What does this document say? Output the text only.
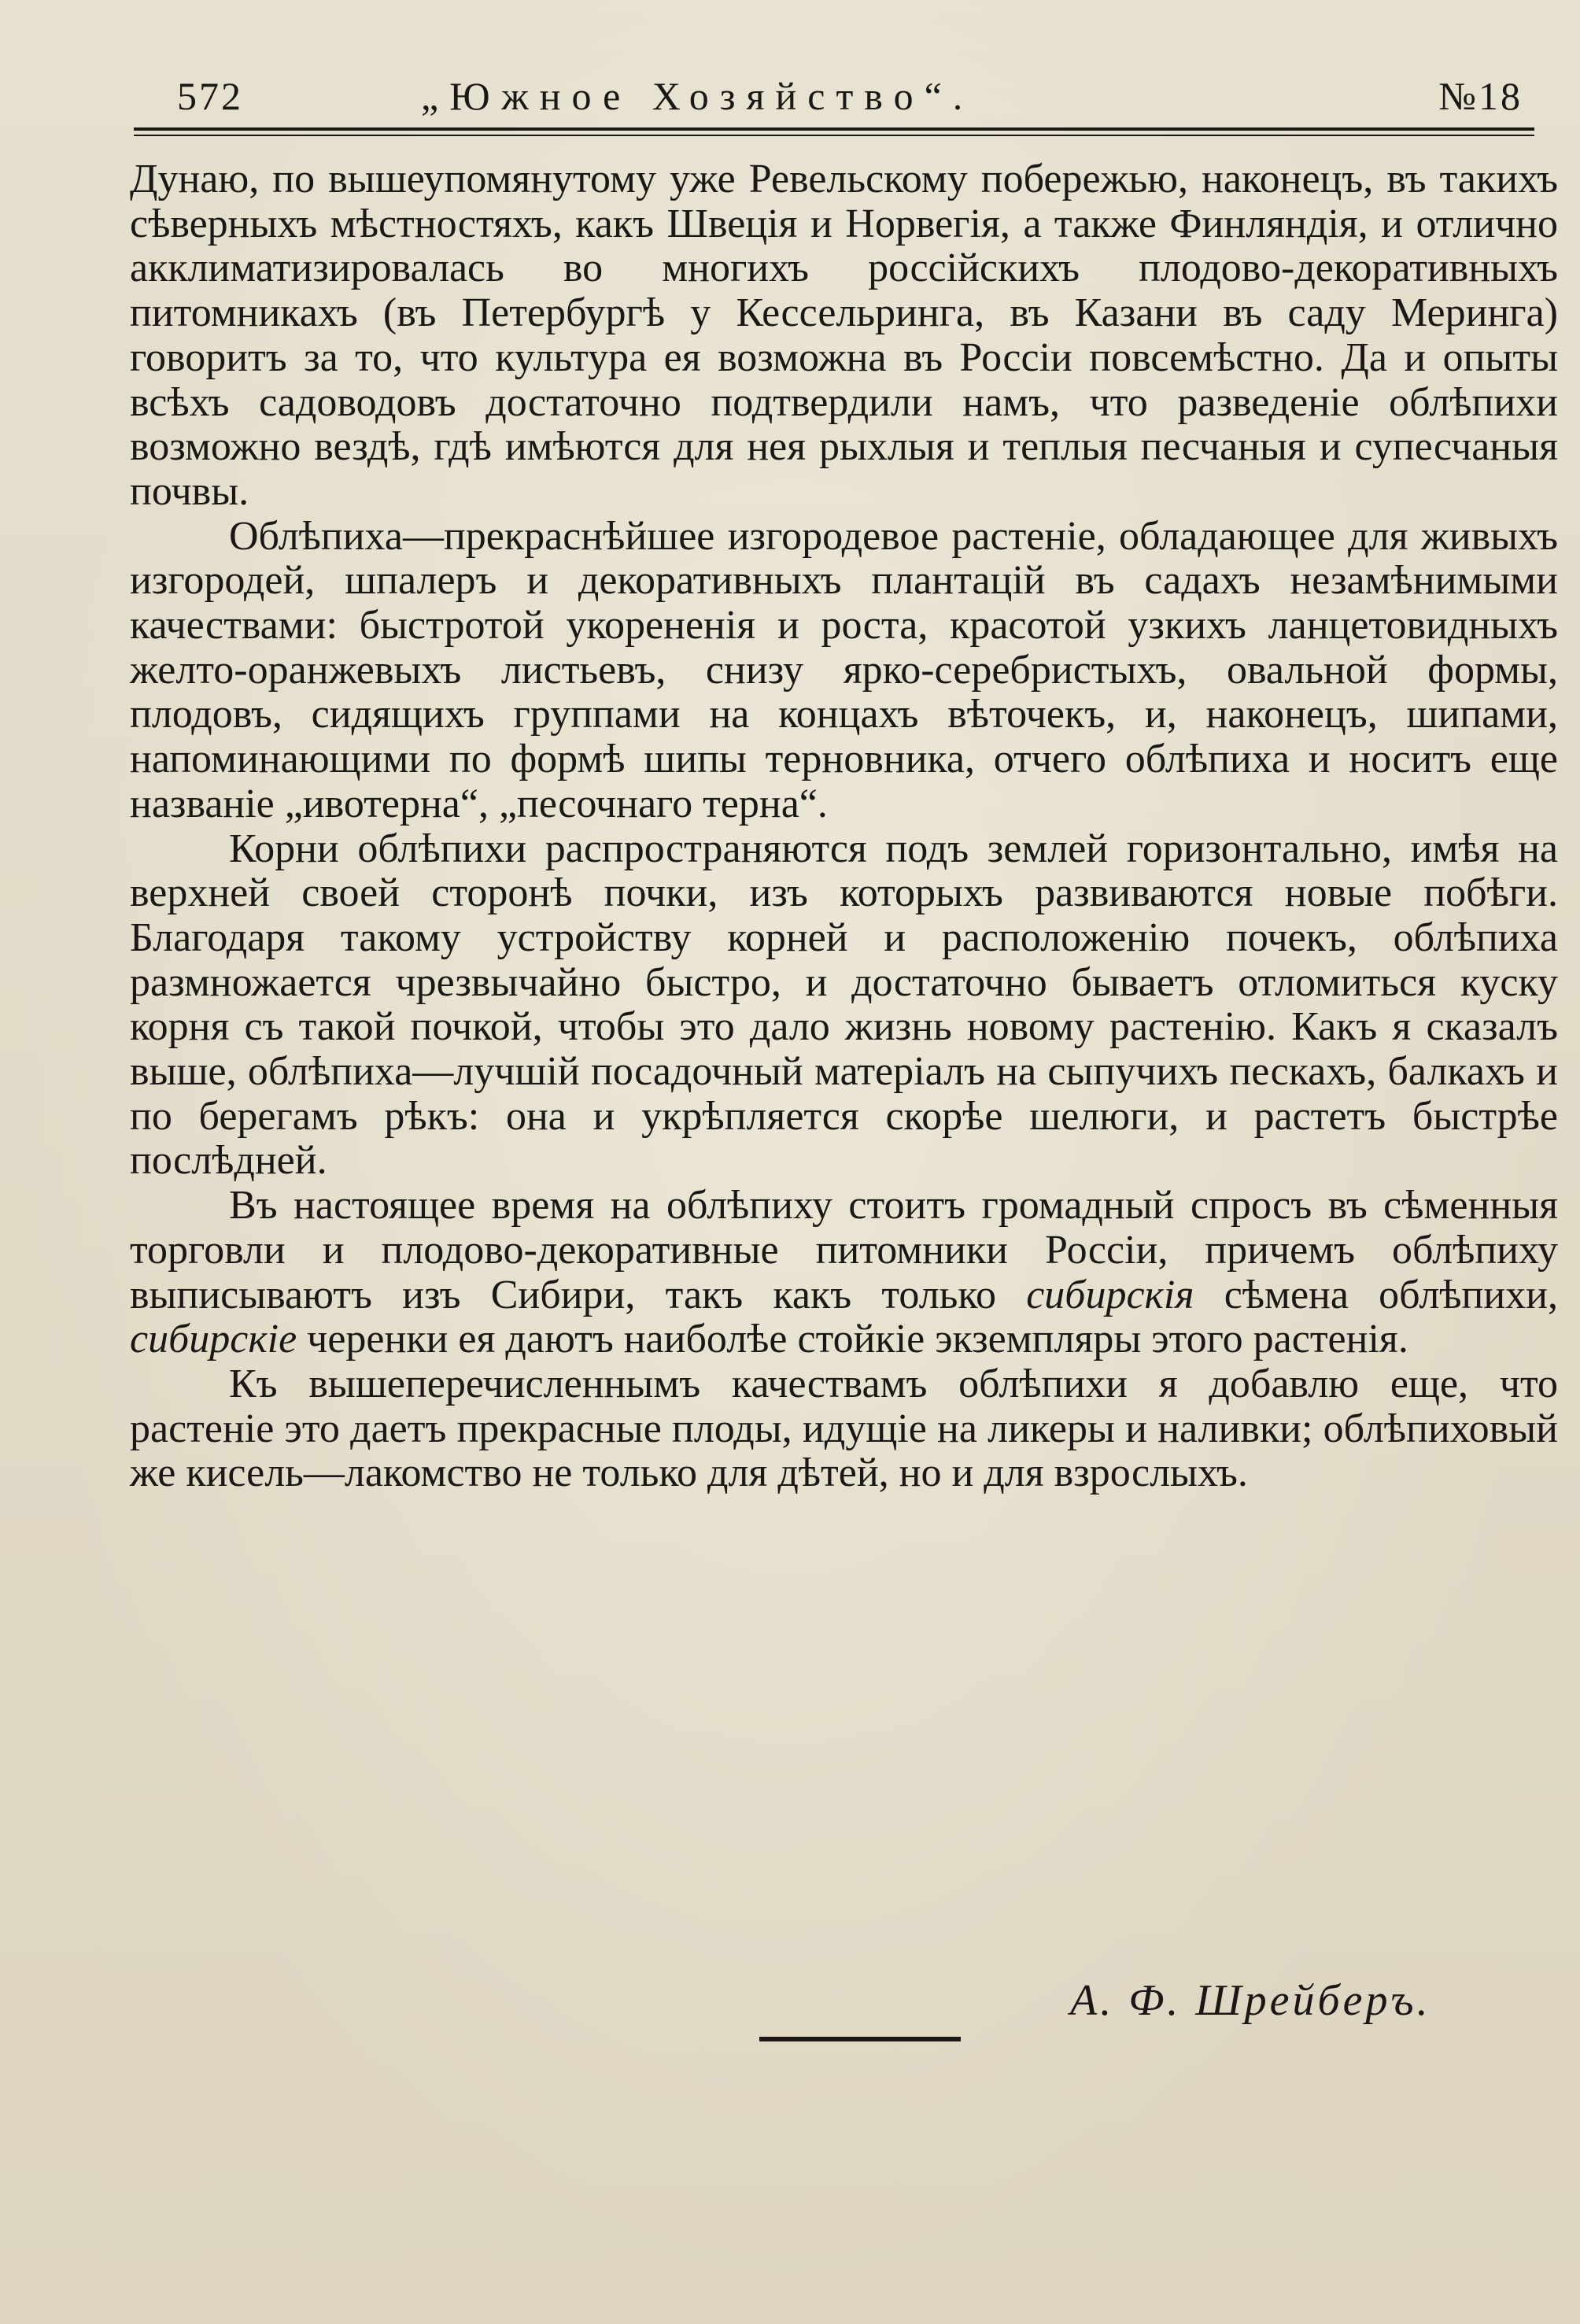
572	„Южное Хозяйство“.	№18

Дунаю, по вышеупомянутому уже Ревельскому побережью, наконецъ, въ такихъ сѣверныхъ мѣстностяхъ, какъ Швеція и Норвегія, а также Финляндія, и отлично акклиматизировалась во многихъ россійскихъ плодово-декоративныхъ питомникахъ (въ Петербургѣ у Кессельринга, въ Казани въ саду Меринга) говоритъ за то, что культура ея возможна въ Россіи повсемѣстно. Да и опыты всѣхъ садоводовъ достаточно подтвердили намъ, что разведеніе облѣпихи возможно вездѣ, гдѣ имѣются для нея рыхлыя и теплыя песчаныя и супесчаныя почвы.

Облѣпиха—прекраснѣйшее изгородевое растеніе, обладающее для живыхъ изгородей, шпалеръ и декоративныхъ плантацій въ садахъ незамѣнимыми качествами: быстротой укорененія и роста, красотой узкихъ ланцетовидныхъ желто-оранжевыхъ листьевъ, снизу ярко-серебристыхъ, овальной формы, плодовъ, сидящихъ группами на концахъ вѣточекъ, и, наконецъ, шипами, напоминающими по формѣ шипы терновника, отчего облѣпиха и носитъ еще названіе „ивотерна“, „песочнаго терна“.

Корни облѣпихи распространяются подъ землей горизонтально, имѣя на верхней своей сторонѣ почки, изъ которыхъ развиваются новые побѣги. Благодаря такому устройству корней и расположенію почекъ, облѣпиха размножается чрезвычайно быстро, и достаточно бываетъ отломиться куску корня съ такой почкой, чтобы это дало жизнь новому растенію. Какъ я сказалъ выше, облѣпиха—лучшій посадочный матеріалъ на сыпучихъ пескахъ, балкахъ и по берегамъ рѣкъ: она и укрѣпляется скорѣе шелюги, и растетъ быстрѣе послѣдней.

Въ настоящее время на облѣпиху стоитъ громадный спросъ въ сѣменныя торговли и плодово-декоративные питомники Россіи, причемъ облѣпиху выписываютъ изъ Сибири, такъ какъ только сибирскія сѣмена облѣпихи, сибирскіе черенки ея даютъ наиболѣе стойкіе экземпляры этого растенія.

Къ вышеперечисленнымъ качествамъ облѣпихи я добавлю еще, что растеніе это даетъ прекрасные плоды, идущіе на ликеры и наливки; облѣпиховый же кисель—лакомство не только для дѣтей, но и для взрослыхъ.

А. Ф. Шрейберъ.
